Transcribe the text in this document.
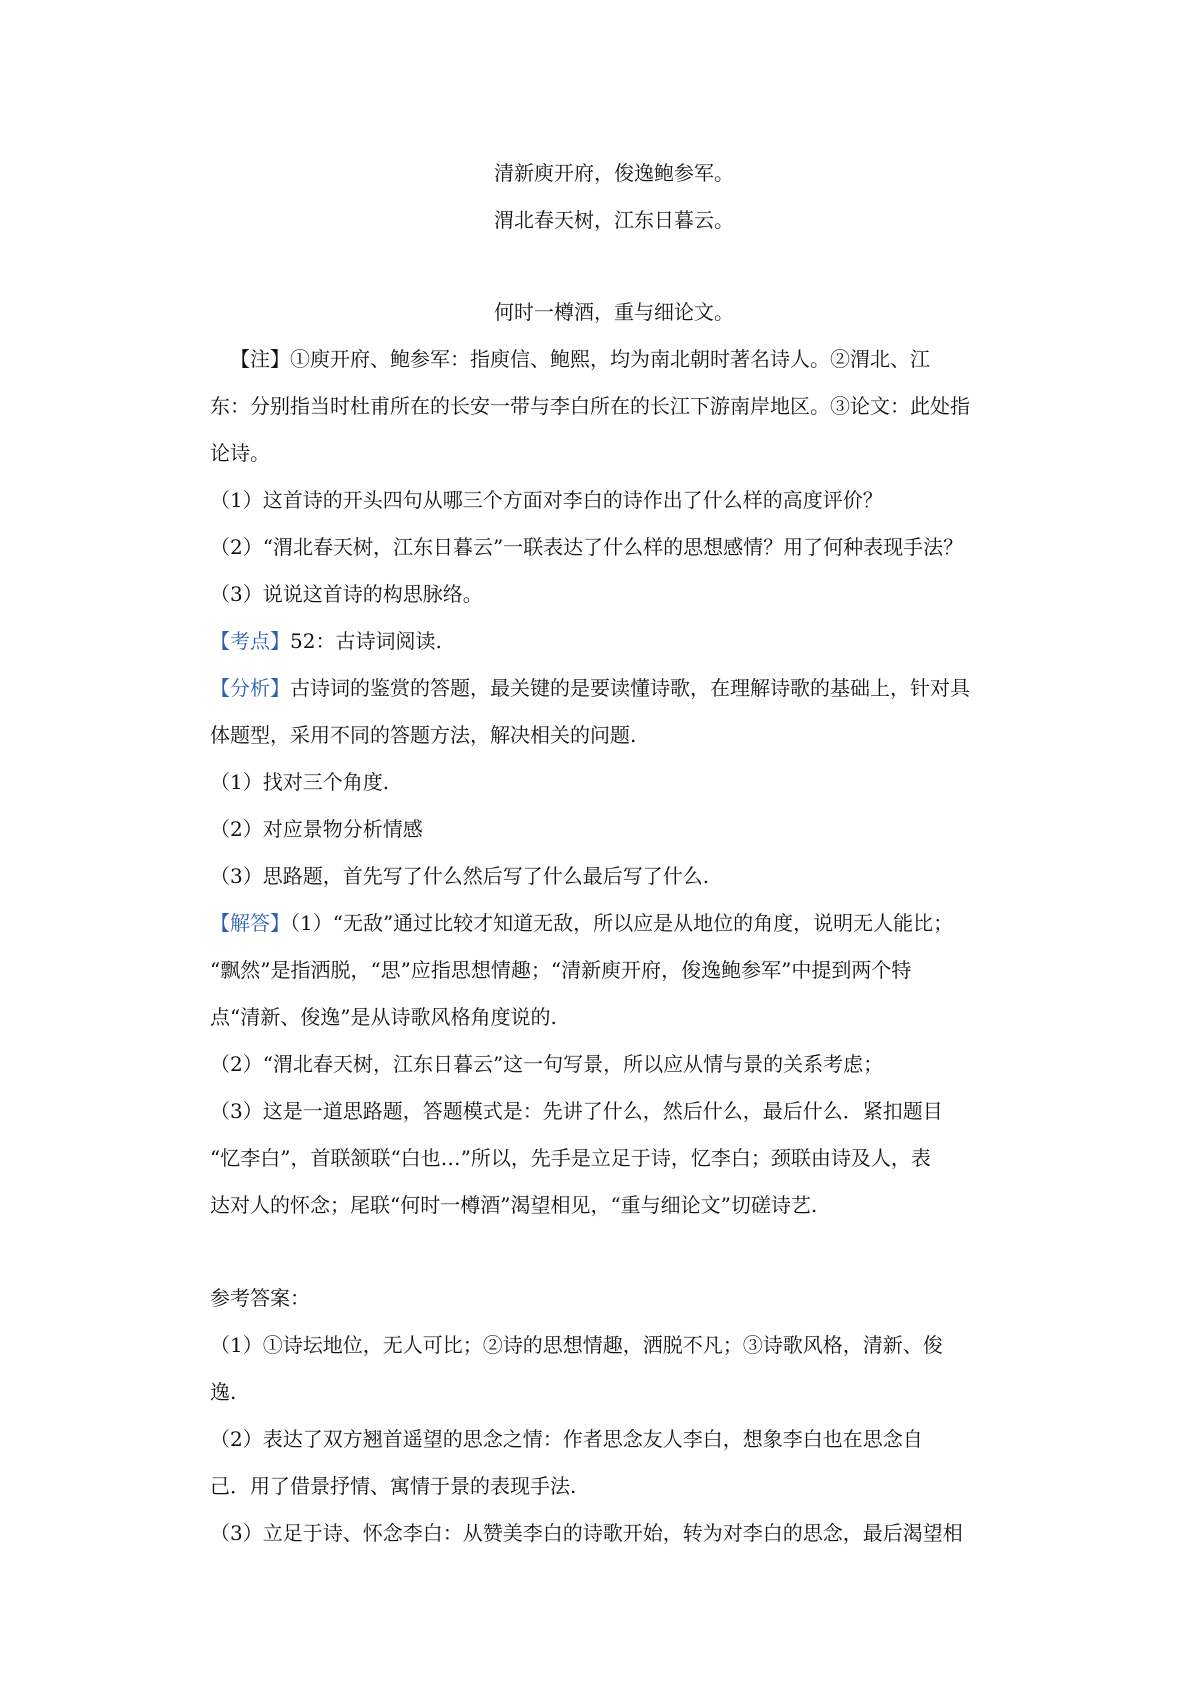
清新庾开府，俊逸鲍参军。

渭北春天树，江东日暮云。

何时一樽酒，重与细论文。

【注】①庾开府、鲍参军：指庾信、鲍熙，均为南北朝时著名诗人。②渭北、江
东：分别指当时杜甫所在的长安一带与李白所在的长江下游南岸地区。③论文：此处指
论诗。
（1）这首诗的开头四句从哪三个方面对李白的诗作出了什么样的高度评价？
（2）“渭北春天树，江东日暮云”一联表达了什么样的思想感情？用了何种表现手法？
（3）说说这首诗的构思脉络。
【考点】52：古诗词阅读.
【分析】古诗词的鉴赏的答题，最关键的是要读懂诗歌，在理解诗歌的基础上，针对具
体题型，采用不同的答题方法，解决相关的问题.
（1）找对三个角度.
（2）对应景物分析情感
（3）思路题，首先写了什么然后写了什么最后写了什么.
【解答】（1）“无敌”通过比较才知道无敌，所以应是从地位的角度，说明无人能比；
“飘然”是指洒脱，“思”应指思想情趣；“清新庾开府，俊逸鲍参军”中提到两个特
点“清新、俊逸”是从诗歌风格角度说的.
（2）“渭北春天树，江东日暮云”这一句写景，所以应从情与景的关系考虑；
（3）这是一道思路题，答题模式是：先讲了什么，然后什么，最后什么．紧扣题目
“忆李白”，首联颔联“白也…”所以，先手是立足于诗，忆李白；颈联由诗及人，表
达对人的怀念；尾联“何时一樽酒”渴望相见，“重与细论文”切磋诗艺.
参考答案：
（1）①诗坛地位，无人可比；②诗的思想情趣，洒脱不凡；③诗歌风格，清新、俊
逸.
（2）表达了双方翘首遥望的思念之情：作者思念友人李白，想象李白也在思念自
己．用了借景抒情、寓情于景的表现手法.
（3）立足于诗、怀念李白：从赞美李白的诗歌开始，转为对李白的思念，最后渴望相
